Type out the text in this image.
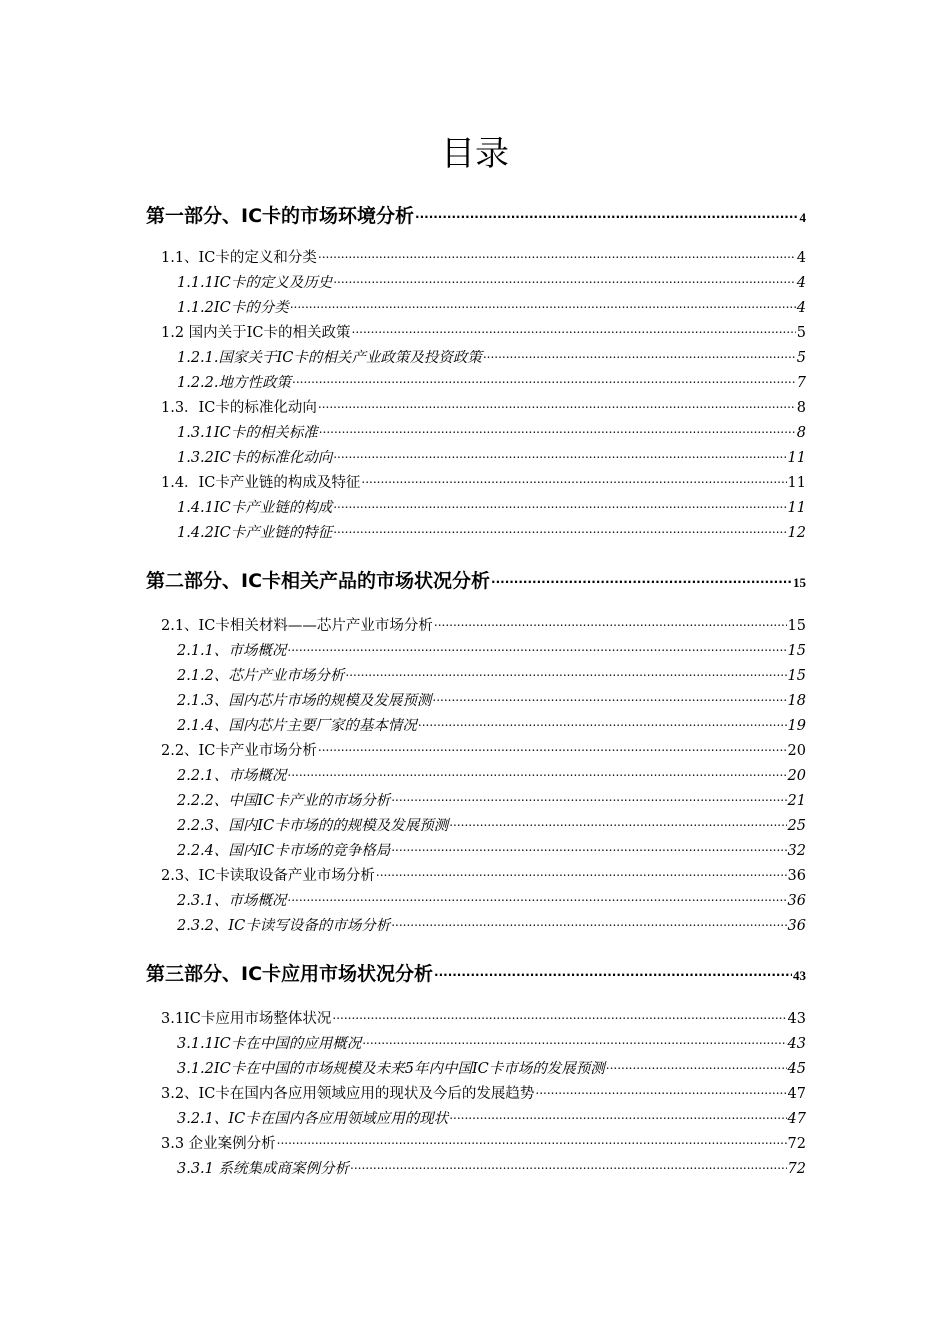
目录
第一部分、IC卡的市场环境分析 .....	4
1.1、IC卡的定义和分类 .....	4
1.1.1IC卡的定义及历史 .....	4
1.1.2IC卡的分类 .....	4
1.2 国内关于IC卡的相关政策 .....	5
1.2.1.国家关于IC卡的相关产业政策及投资政策 .....	5
1.2.2.地方性政策 .....	7
1.3．IC卡的标准化动向 .....	8
1.3.1IC卡的相关标准 .....	8
1.3.2IC卡的标准化动向 .....	11
1.4．IC卡产业链的构成及特征 .....	11
1.4.1IC卡产业链的构成 .....	11
1.4.2IC卡产业链的特征 .....	12
第二部分、IC卡相关产品的市场状况分析 .....	15
2.1、IC卡相关材料——芯片产业市场分析 .....	15
2.1.1、市场概况 .....	15
2.1.2、芯片产业市场分析 .....	15
2.1.3、国内芯片市场的规模及发展预测 .....	18
2.1.4、国内芯片主要厂家的基本情况 .....	19
2.2、IC卡产业市场分析 .....	20
2.2.1、市场概况 .....	20
2.2.2、中国IC卡产业的市场分析 .....	21
2.2.3、国内IC卡市场的的规模及发展预测 .....	25
2.2.4、国内IC卡市场的竞争格局 .....	32
2.3、IC卡读取设备产业市场分析 .....	36
2.3.1、市场概况 .....	36
2.3.2、IC卡读写设备的市场分析 .....	36
第三部分、IC卡应用市场状况分析 .....	43
3.1IC卡应用市场整体状况 .....	43
3.1.1IC卡在中国的应用概况 .....	43
3.1.2IC卡在中国的市场规模及未来5年内中国IC卡市场的发展预测 .....	45
3.2、IC卡在国内各应用领域应用的现状及今后的发展趋势 .....	47
3.2.1、IC卡在国内各应用领域应用的现状 .....	47
3.3 企业案例分析 .....	72
3.3.1 系统集成商案例分析 .....	72
